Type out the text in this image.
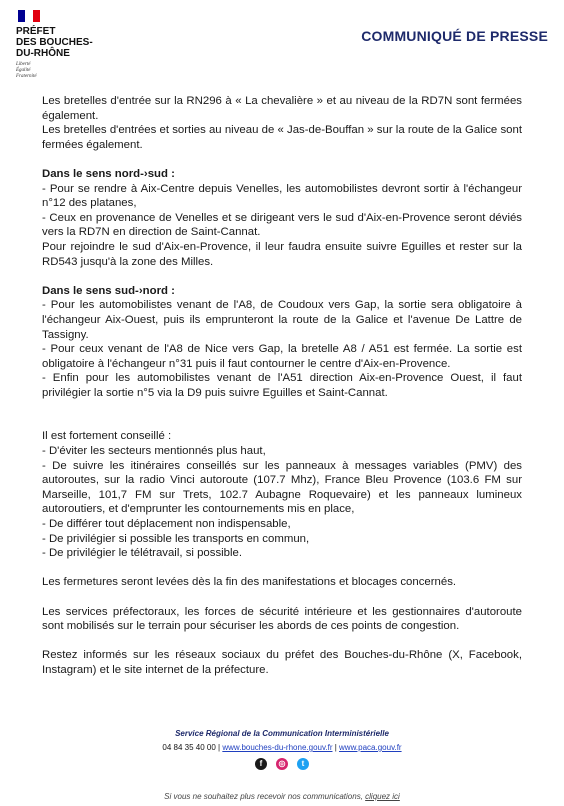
PRÉFET
DES BOUCHES-
DU-RHÔNE
Liberté
Égalité
Fraternité
COMMUNIQUÉ DE PRESSE

Les bretelles d'entrée sur la RN296 à « La chevalière » et au niveau de la RD7N sont fermées également.

Les bretelles d'entrées et sorties au niveau de « Jas-de-Bouffan » sur la route de la Galice sont fermées également.

Dans le sens nord-›sud :

- Pour se rendre à Aix-Centre depuis Venelles, les automobilistes devront sortir à l'échangeur n°12 des platanes,

- Ceux en provenance de Venelles et se dirigeant vers le sud d'Aix-en-Provence seront déviés vers la RD7N en direction de Saint-Cannat.

Pour rejoindre le sud d'Aix-en-Provence, il leur faudra ensuite suivre Eguilles et rester sur la RD543 jusqu'à la zone des Milles.

Dans le sens sud-›nord :

- Pour les automobilistes venant de l'A8, de Coudoux vers Gap, la sortie sera obligatoire à l'échangeur Aix-Ouest, puis ils emprunteront la route de la Galice et l'avenue De Lattre de Tassigny.

- Pour ceux venant de l'A8 de Nice vers Gap, la bretelle A8 / A51 est fermée. La sortie est obligatoire à l'échangeur n°31 puis il faut contourner le centre d'Aix-en-Provence.

- Enfin pour les automobilistes venant de l'A51 direction Aix-en-Provence Ouest, il faut privilégier la sortie n°5 via la D9 puis suivre Eguilles et Saint-Cannat.

Il est fortement conseillé :

- D'éviter les secteurs mentionnés plus haut,

- De suivre les itinéraires conseillés sur les panneaux à messages variables (PMV) des autoroutes, sur la radio Vinci autoroute (107.7 Mhz), France Bleu Provence (103.6 FM sur Marseille, 101,7 FM sur Trets, 102.7 Aubagne Roquevaire) et les panneaux lumineux autoroutiers, et d'emprunter les contournements mis en place,

- De différer tout déplacement non indispensable,

- De privilégier si possible les transports en commun,

- De privilégier le télétravail, si possible.

Les fermetures seront levées dès la fin des manifestations et blocages concernés.

Les services préfectoraux, les forces de sécurité intérieure et les gestionnaires d'autoroute sont mobilisés sur le terrain pour sécuriser les abords de ces points de congestion.

Restez informés sur les réseaux sociaux du préfet des Bouches-du-Rhône (X, Facebook, Instagram) et le site internet de la préfecture.

Service Régional de la Communication Interministérielle
04 84 35 40 00 | www.bouches-du-rhone.gouv.fr | www.paca.gouv.fr
f	◎	t
Si vous ne souhaitez plus recevoir nos communications, cliquez ici
